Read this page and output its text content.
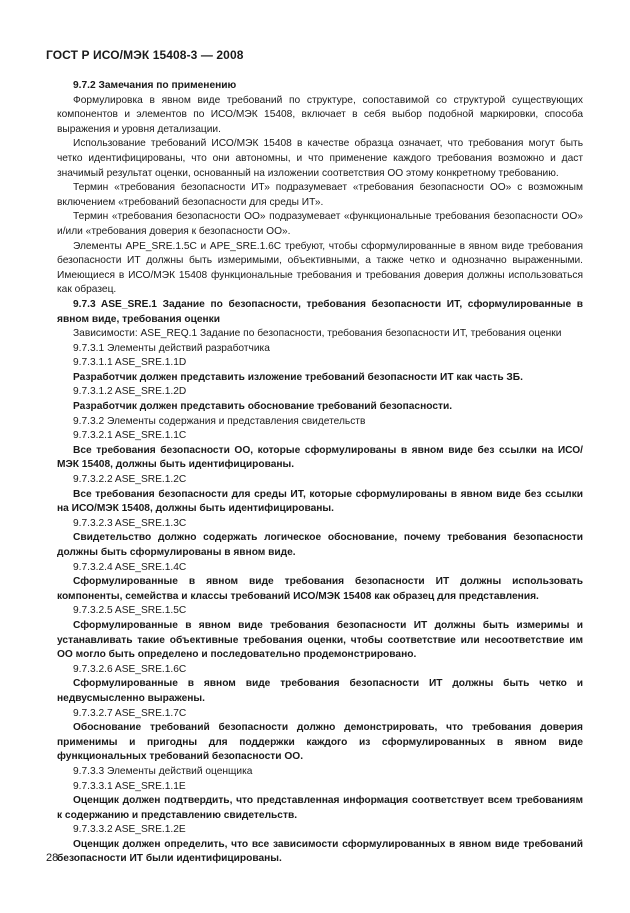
ГОСТ Р ИСО/МЭК 15408-3 — 2008

9.7.2 Замечания по применению

Формулировка в явном виде требований по структуре, сопоставимой со структурой существующих компонентов и элементов по ИСО/МЭК 15408, включает в себя выбор подобной маркировки, способа выражения и уровня детализации.

Использование требований ИСО/МЭК 15408 в качестве образца означает, что требования могут быть четко идентифицированы, что они автономны, и что применение каждого требования возможно и даст значимый результат оценки, основанный на изложении соответствия ОО этому конкретному требованию.

Термин «требования безопасности ИТ» подразумевает «требования безопасности ОО» с возможным включением «требований безопасности для среды ИТ».

Термин «требования безопасности ОО» подразумевает «функциональные требования безопасности ОО» и/или «требования доверия к безопасности ОО».

Элементы APE_SRE.1.5C и APE_SRE.1.6C требуют, чтобы сформулированные в явном виде требования безопасности ИТ должны быть измеримыми, объективными, а также четко и однозначно выраженными. Имеющиеся в ИСО/МЭК 15408 функциональные требования и требования доверия должны использоваться как образец.

9.7.3 ASE_SRE.1 Задание по безопасности, требования безопасности ИТ, сформулированные в явном виде, требования оценки

Зависимости: ASE_REQ.1 Задание по безопасности, требования безопасности ИТ, требования оценки

9.7.3.1 Элементы действий разработчика

9.7.3.1.1 ASE_SRE.1.1D

Разработчик должен представить изложение требований безопасности ИТ как часть ЗБ.

9.7.3.1.2 ASE_SRE.1.2D

Разработчик должен представить обоснование требований безопасности.

9.7.3.2 Элементы содержания и представления свидетельств

9.7.3.2.1 ASE_SRE.1.1C

Все требования безопасности ОО, которые сформулированы в явном виде без ссылки на ИСО/МЭК 15408, должны быть идентифицированы.

9.7.3.2.2 ASE_SRE.1.2C

Все требования безопасности для среды ИТ, которые сформулированы в явном виде без ссылки на ИСО/МЭК 15408, должны быть идентифицированы.

9.7.3.2.3 ASE_SRE.1.3C

Свидетельство должно содержать логическое обоснование, почему требования безопасности должны быть сформулированы в явном виде.

9.7.3.2.4 ASE_SRE.1.4C

Сформулированные в явном виде требования безопасности ИТ должны использовать компоненты, семейства и классы требований ИСО/МЭК 15408 как образец для представления.

9.7.3.2.5 ASE_SRE.1.5C

Сформулированные в явном виде требования безопасности ИТ должны быть измеримы и устанавливать такие объективные требования оценки, чтобы соответствие или несоответствие им ОО могло быть определено и последовательно продемонстрировано.

9.7.3.2.6 ASE_SRE.1.6C

Сформулированные в явном виде требования безопасности ИТ должны быть четко и недвусмысленно выражены.

9.7.3.2.7 ASE_SRE.1.7C

Обоснование требований безопасности должно демонстрировать, что требования доверия применимы и пригодны для поддержки каждого из сформулированных в явном виде функциональных требований безопасности ОО.

9.7.3.3 Элементы действий оценщика

9.7.3.3.1 ASE_SRE.1.1E

Оценщик должен подтвердить, что представленная информация соответствует всем требованиям к содержанию и представлению свидетельств.

9.7.3.3.2 ASE_SRE.1.2E

Оценщик должен определить, что все зависимости сформулированных в явном виде требований безопасности ИТ были идентифицированы.

28
